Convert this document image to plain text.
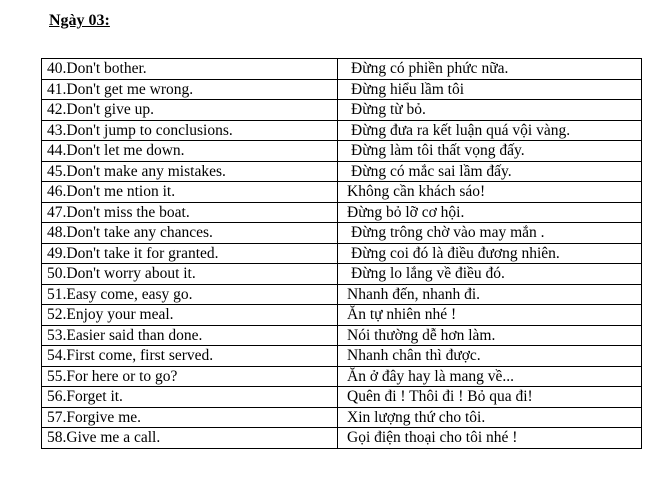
Ngày 03:

40.Don't bother.	Đừng có phiền phức nữa.
41.Don't get me wrong.	Đừng hiểu lầm tôi
42.Don't give up.	Đừng từ bỏ.
43.Don't jump to conclusions.	Đừng đưa ra kết luận quá vội vàng.
44.Don't let me down.	Đừng làm tôi thất vọng đấy.
45.Don't make any mistakes.	Đừng có mắc sai lầm đấy.
46.Don't me ntion it.	Không cần khách sáo!
47.Don't miss the boat.	Đừng bỏ lỡ cơ hội.
48.Don't take any chances.	Đừng trông chờ vào may mắn .
49.Don't take it for granted.	Đừng coi đó là điều đương nhiên.
50.Don't worry about it.	Đừng lo lắng về điều đó.
51.Easy come, easy go.	Nhanh đến, nhanh đi.
52.Enjoy your meal.	Ăn tự nhiên nhé !
53.Easier said than done.	Nói thường dễ hơn làm.
54.First come, first served.	Nhanh chân thì được.
55.For here or to go?	Ăn ở đây hay là mang về...
56.Forget it.	Quên đi ! Thôi đi ! Bỏ qua đi!
57.Forgive me.	Xin lượng thứ cho tôi.
58.Give me a call.	Gọi điện thoại cho tôi nhé !
